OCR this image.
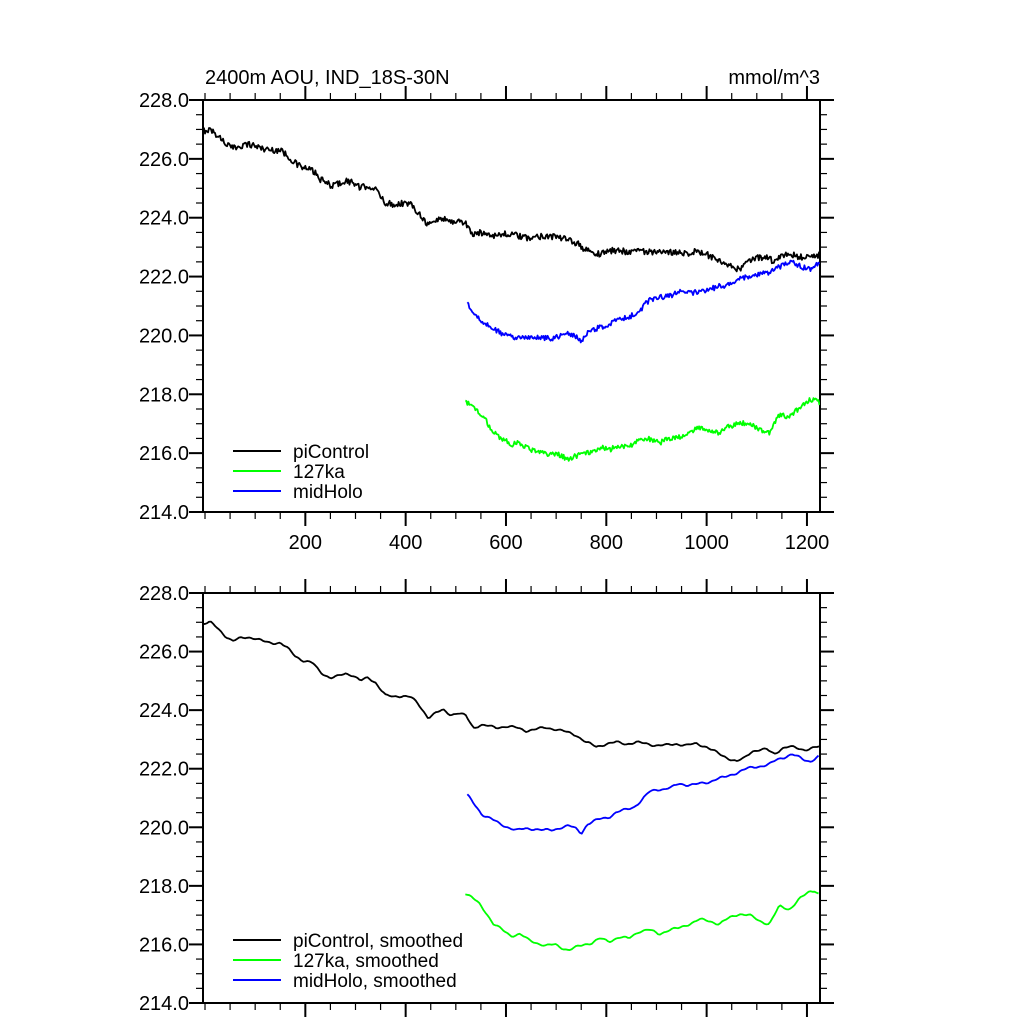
200	400	600	800	1000	1200
214.0
216.0
218.0
220.0
222.0
224.0
226.0
228.0
2400m AOU, IND_18S-30N	mmol/m^3
piControl
127ka
midHolo
214.0
216.0
218.0
220.0
222.0
224.0
226.0
228.0
piControl, smoothed
127ka, smoothed
midHolo, smoothed
